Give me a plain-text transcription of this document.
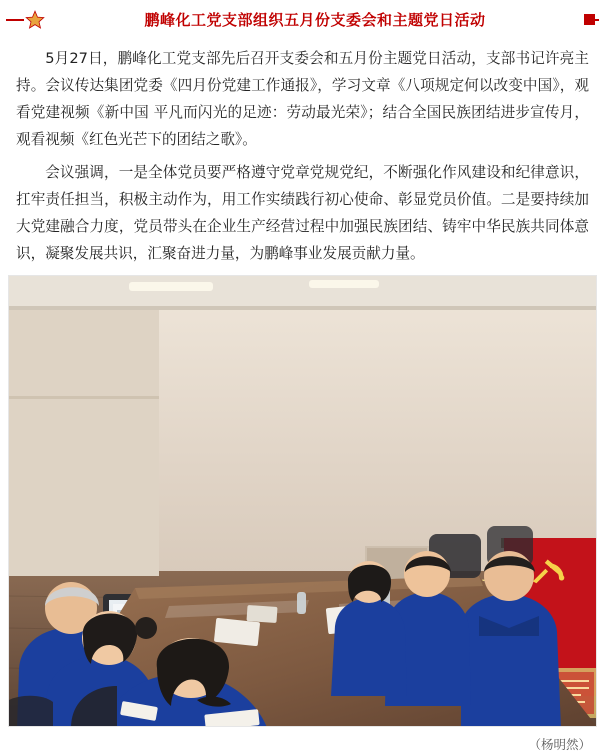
鹏峰化工党支部组织五月份支委会和主题党日活动

5月27日，鹏峰化工党支部先后召开支委会和五月份主题党日活动，支部书记许亮主持。会议传达集团党委《四月份党建工作通报》，学习文章《八项规定何以改变中国》，观看党建视频《新中国 平凡而闪光的足迹：劳动最光荣》；结合全国民族团结进步宣传月，观看视频《红色光芒下的团结之歌》。

会议强调，一是全体党员要严格遵守党章党规党纪，不断强化作风建设和纪律意识，扛牢责任担当，积极主动作为，用工作实绩践行初心使命、彰显党员价值。二是要持续加大党建融合力度，党员带头在企业生产经营过程中加强民族团结、铸牢中华民族共同体意识，凝聚发展共识，汇聚奋进力量，为鹏峰事业发展贡献力量。

（杨明然）
